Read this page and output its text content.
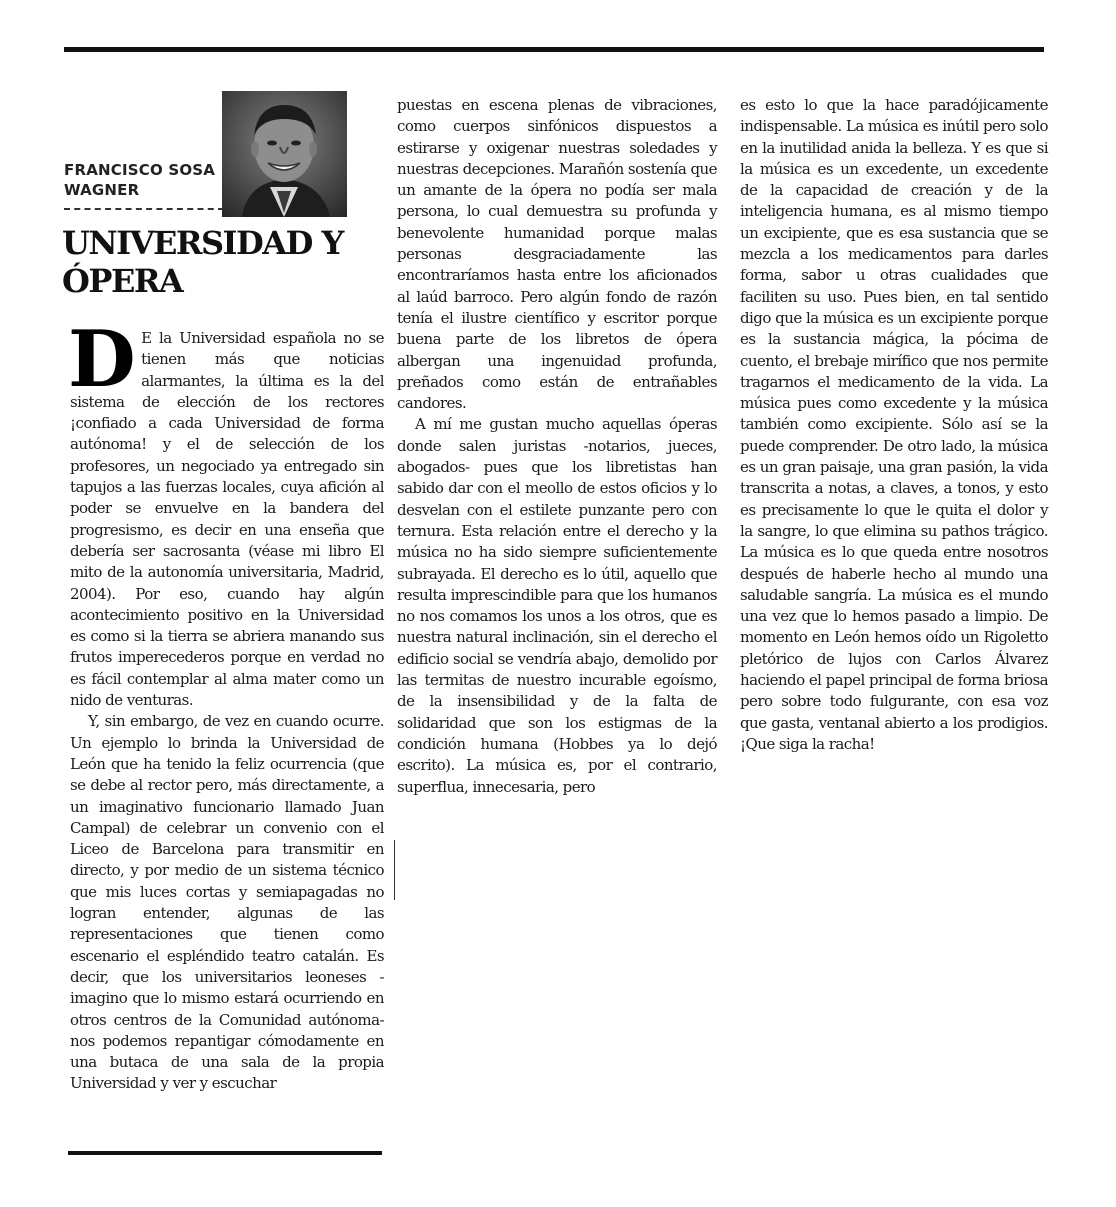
FRANCISCO SOSA WAGNER
UNIVERSIDAD Y ÓPERA

D E la Universidad española no se tienen más que noticias alarmantes, la última es la del sistema de elección de los rectores ¡confiado a cada Universidad de forma autónoma! y el de selección de los profesores, un negociado ya entregado sin tapujos a las fuerzas locales, cuya afición al poder se envuelve en la bandera del progresismo, es decir en una enseña que debería ser sacrosanta (véase mi libro El mito de la autonomía universitaria, Madrid, 2004). Por eso, cuando hay algún acontecimiento positivo en la Universidad es como si la tierra se abriera manando sus frutos imperecederos porque en verdad no es fácil contemplar al alma mater como un nido de venturas.

Y, sin embargo, de vez en cuando ocurre. Un ejemplo lo brinda la Universidad de León que ha tenido la feliz ocurrencia (que se debe al rector pero, más directamente, a un imaginativo funcionario llamado Juan Campal) de celebrar un convenio con el Liceo de Barcelona para transmitir en directo, y por medio de un sistema técnico que mis luces cortas y semiapagadas no logran entender, algunas de las representaciones que tienen como escenario el espléndido teatro catalán. Es decir, que los universitarios leoneses -imagino que lo mismo estará ocurriendo en otros centros de la Comunidad autónoma- nos podemos repantigar cómodamente en una butaca de una sala de la propia Universidad y ver y escuchar

puestas en escena plenas de vibraciones, como cuerpos sinfónicos dispuestos a estirarse y oxigenar nuestras soledades y nuestras decepciones. Marañón sostenía que un amante de la ópera no podía ser mala persona, lo cual demuestra su profunda y benevolente humanidad porque malas personas desgraciadamente las encontraríamos hasta entre los aficionados al laúd barroco. Pero algún fondo de razón tenía el ilustre científico y escritor porque buena parte de los libretos de ópera albergan una ingenuidad profunda, preñados como están de entrañables candores.

A mí me gustan mucho aquellas óperas donde salen juristas -notarios, jueces, abogados- pues que los libretistas han sabido dar con el meollo de estos oficios y lo desvelan con el estilete punzante pero con ternura. Esta relación entre el derecho y la música no ha sido siempre suficientemente subrayada. El derecho es lo útil, aquello que resulta imprescindible para que los humanos no nos comamos los unos a los otros, que es nuestra natural inclinación, sin el derecho el edificio social se vendría abajo, demolido por las termitas de nuestro incurable egoísmo, de la insensibilidad y de la falta de solidaridad que son los estigmas de la condición humana (Hobbes ya lo dejó escrito). La música es, por el contrario, superflua, innecesaria, pero

es esto lo que la hace paradójicamente indispensable. La música es inútil pero solo en la inutilidad anida la belleza. Y es que si la música es un excedente, un excedente de la capacidad de creación y de la inteligencia humana, es al mismo tiempo un excipiente, que es esa sustancia que se mezcla a los medicamentos para darles forma, sabor u otras cualidades que faciliten su uso. Pues bien, en tal sentido digo que la música es un excipiente porque es la sustancia mágica, la pócima de cuento, el brebaje mirífico que nos permite tragarnos el medicamento de la vida. La música pues como excedente y la música también como excipiente. Sólo así se la puede comprender. De otro lado, la música es un gran paisaje, una gran pasión, la vida transcrita a notas, a claves, a tonos, y esto es precisamente lo que le quita el dolor y la sangre, lo que elimina su pathos trágico. La música es lo que queda entre nosotros después de haberle hecho al mundo una saludable sangría. La música es el mundo una vez que lo hemos pasado a limpio. De momento en León hemos oído un Rigoletto pletórico de lujos con Carlos Álvarez haciendo el papel principal de forma briosa pero sobre todo fulgurante, con esa voz que gasta, ventanal abierto a los prodigios. ¡Que siga la racha!
